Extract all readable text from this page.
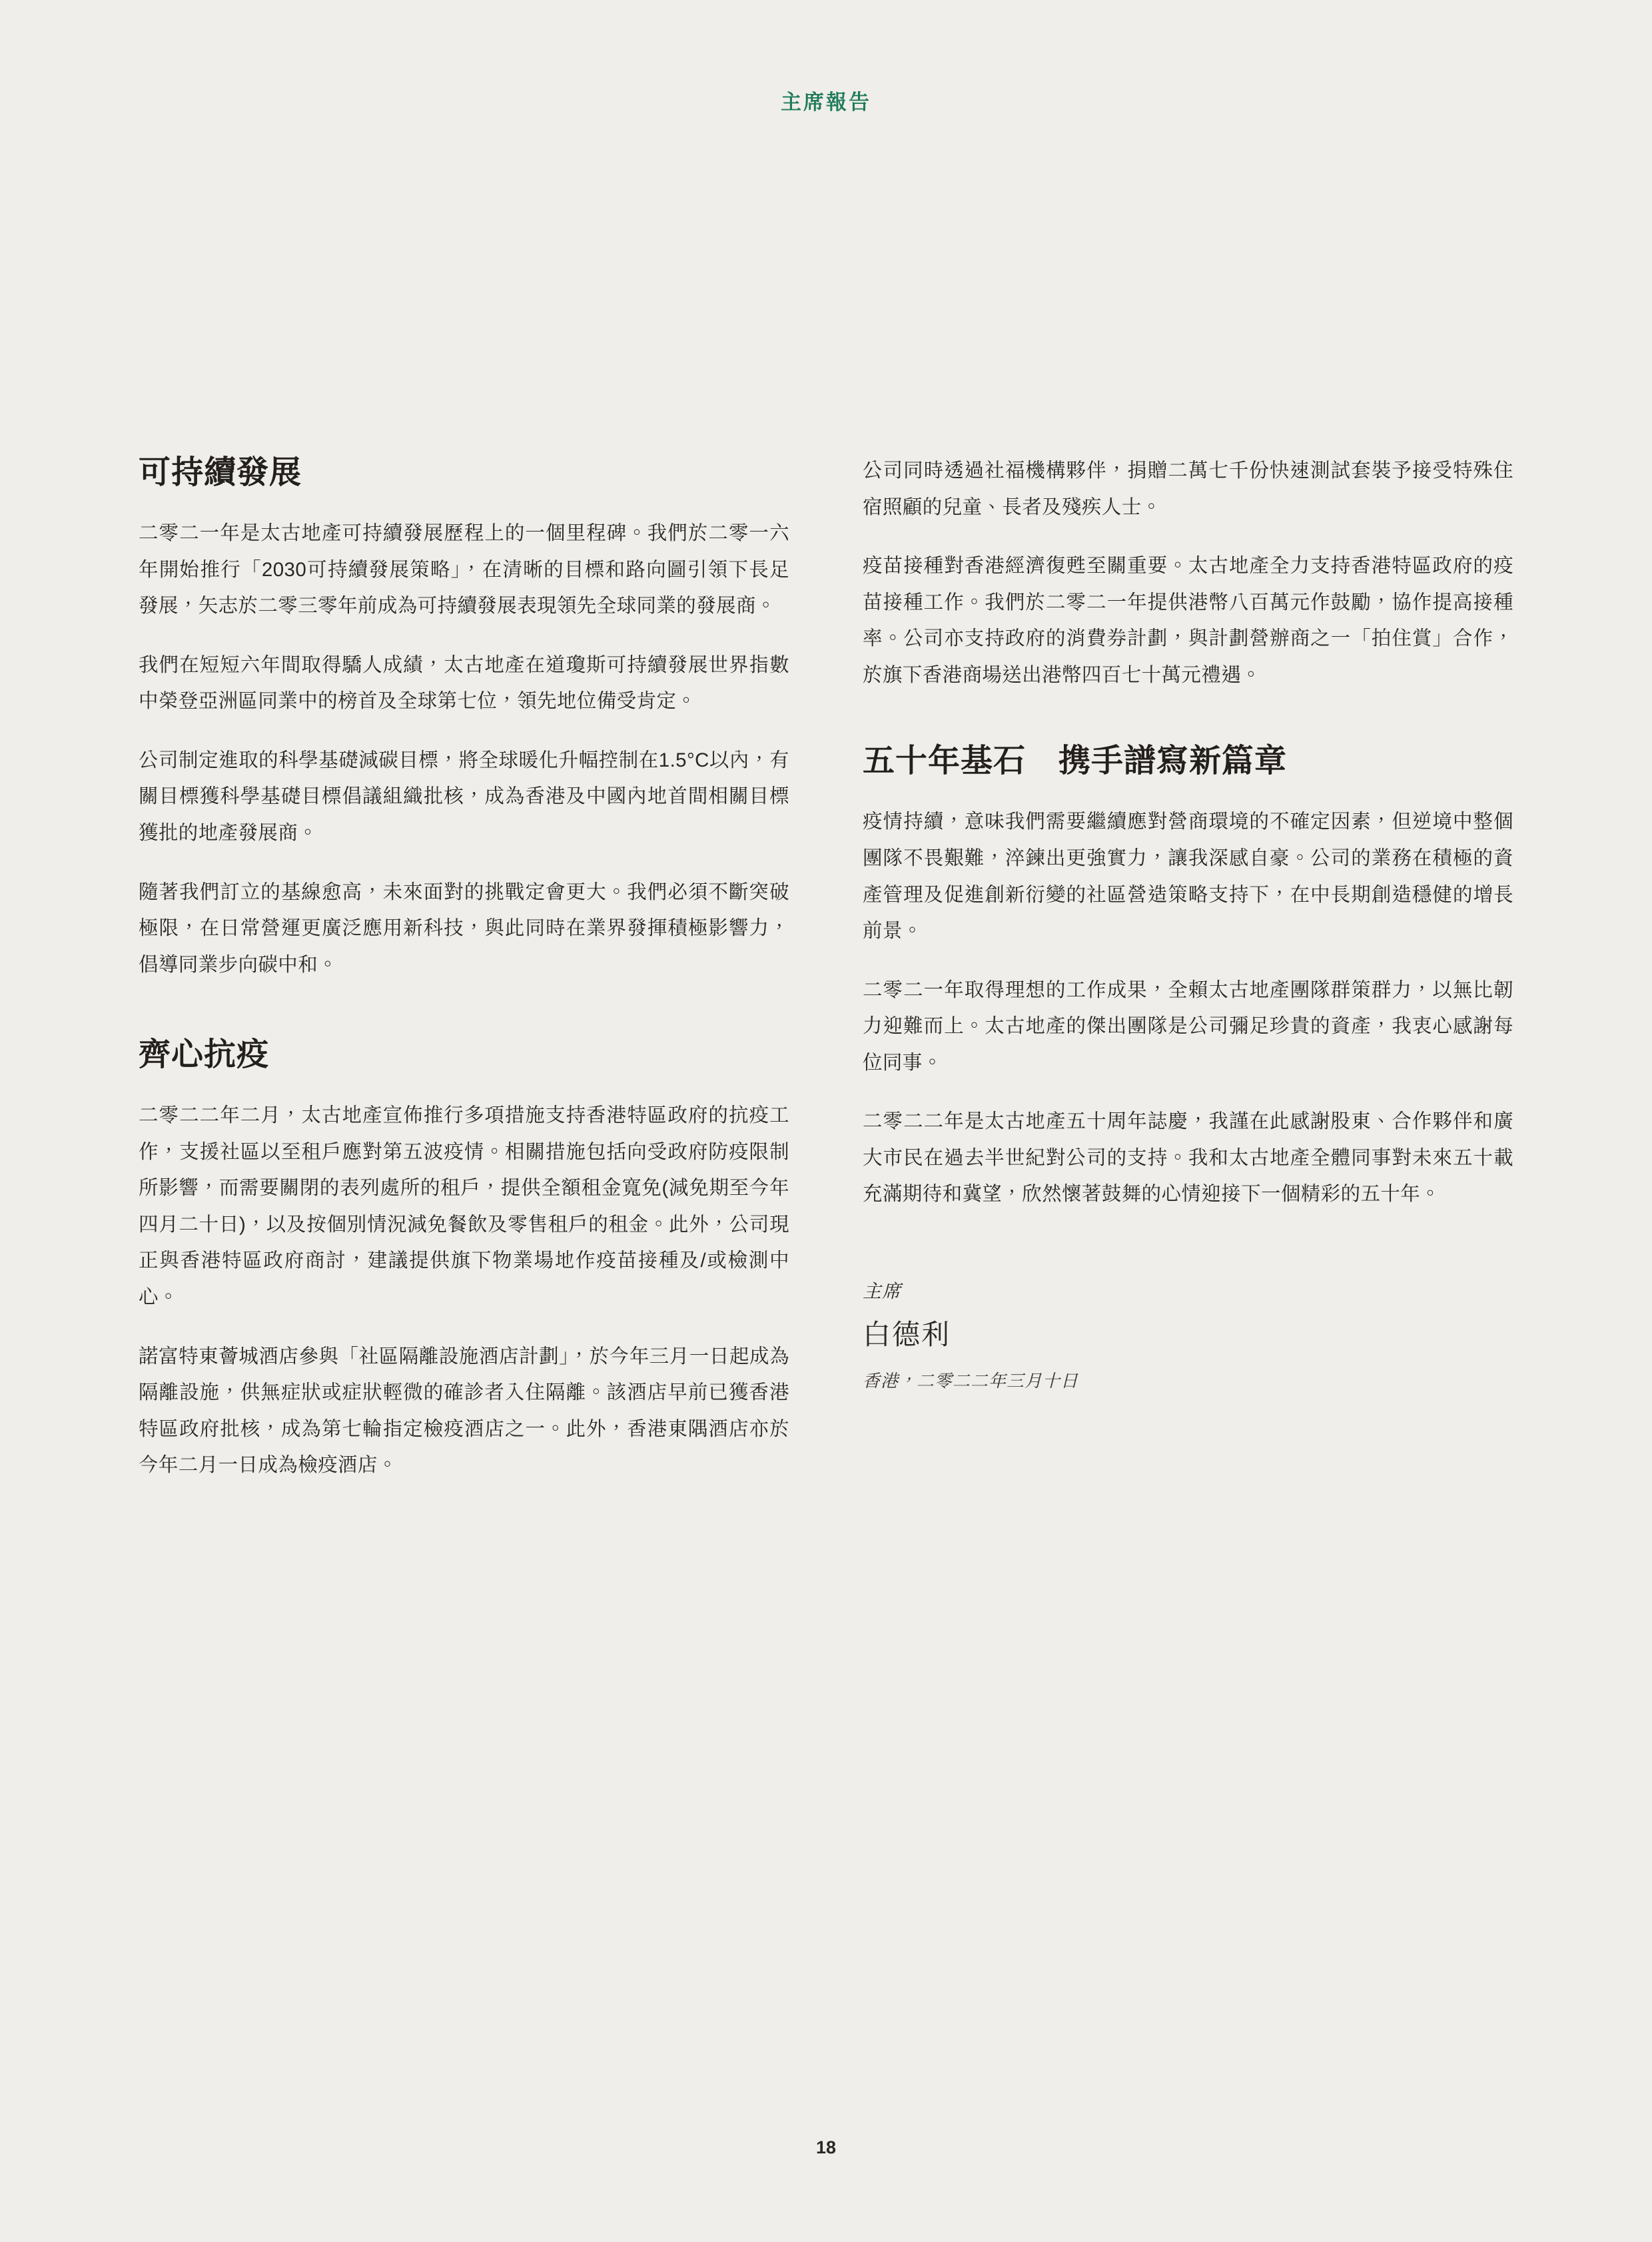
主席報告
可持續發展

二零二一年是太古地產可持續發展歷程上的一個里程碑。我們於二零一六年開始推行「2030可持續發展策略」，在清晰的目標和路向圖引領下長足發展，矢志於二零三零年前成為可持續發展表現領先全球同業的發展商。

我們在短短六年間取得驕人成績，太古地產在道瓊斯可持續發展世界指數中榮登亞洲區同業中的榜首及全球第七位，領先地位備受肯定。

公司制定進取的科學基礎減碳目標，將全球暖化升幅控制在1.5°C以內，有關目標獲科學基礎目標倡議組織批核，成為香港及中國內地首間相關目標獲批的地產發展商。

隨著我們訂立的基線愈高，未來面對的挑戰定會更大。我們必須不斷突破極限，在日常營運更廣泛應用新科技，與此同時在業界發揮積極影響力，倡導同業步向碳中和。

齊心抗疫

二零二二年二月，太古地產宣佈推行多項措施支持香港特區政府的抗疫工作，支援社區以至租戶應對第五波疫情。相關措施包括向受政府防疫限制所影響，而需要關閉的表列處所的租戶，提供全額租金寬免(減免期至今年四月二十日)，以及按個別情況減免餐飲及零售租戶的租金。此外，公司現正與香港特區政府商討，建議提供旗下物業場地作疫苗接種及/或檢測中心。

諾富特東薈城酒店參與「社區隔離設施酒店計劃」，於今年三月一日起成為隔離設施，供無症狀或症狀輕微的確診者入住隔離。該酒店早前已獲香港特區政府批核，成為第七輪指定檢疫酒店之一。此外，香港東隅酒店亦於今年二月一日成為檢疫酒店。

公司同時透過社福機構夥伴，捐贈二萬七千份快速測試套裝予接受特殊住宿照顧的兒童、長者及殘疾人士。

疫苗接種對香港經濟復甦至關重要。太古地產全力支持香港特區政府的疫苗接種工作。我們於二零二一年提供港幣八百萬元作鼓勵，協作提高接種率。公司亦支持政府的消費券計劃，與計劃營辦商之一「拍住賞」合作，於旗下香港商場送出港幣四百七十萬元禮遇。

五十年基石　携手譜寫新篇章

疫情持續，意味我們需要繼續應對營商環境的不確定因素，但逆境中整個團隊不畏艱難，淬鍊出更強實力，讓我深感自豪。公司的業務在積極的資產管理及促進創新衍變的社區營造策略支持下，在中長期創造穩健的增長前景。

二零二一年取得理想的工作成果，全賴太古地產團隊群策群力，以無比韌力迎難而上。太古地產的傑出團隊是公司彌足珍貴的資產，我衷心感謝每位同事。

二零二二年是太古地產五十周年誌慶，我謹在此感謝股東、合作夥伴和廣大市民在過去半世紀對公司的支持。我和太古地產全體同事對未來五十載充滿期待和冀望，欣然懷著鼓舞的心情迎接下一個精彩的五十年。

主席

白德利

香港，二零二二年三月十日

18
